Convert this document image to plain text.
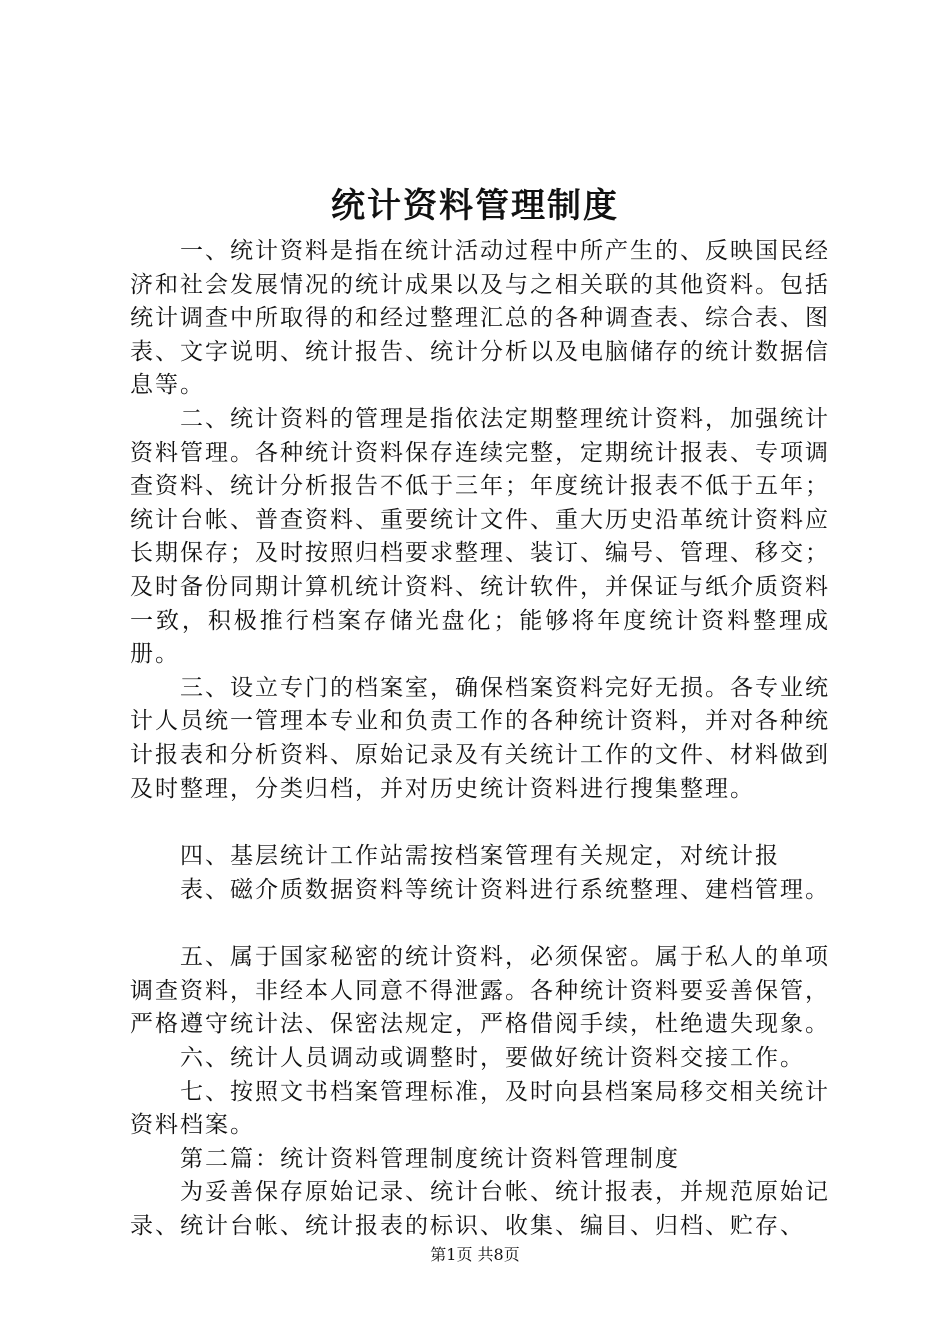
统计资料管理制度

一、统计资料是指在统计活动过程中所产生的、反映国民经济和社会发展情况的统计成果以及与之相关联的其他资料。包括统计调查中所取得的和经过整理汇总的各种调查表、综合表、图表、文字说明、统计报告、统计分析以及电脑储存的统计数据信息等。

二、统计资料的管理是指依法定期整理统计资料，加强统计资料管理。各种统计资料保存连续完整，定期统计报表、专项调查资料、统计分析报告不低于三年；年度统计报表不低于五年；统计台帐、普查资料、重要统计文件、重大历史沿革统计资料应长期保存；及时按照归档要求整理、装订、编号、管理、移交；及时备份同期计算机统计资料、统计软件，并保证与纸介质资料一致，积极推行档案存储光盘化；能够将年度统计资料整理成册。

三、设立专门的档案室，确保档案资料完好无损。各专业统计人员统一管理本专业和负责工作的各种统计资料，并对各种统计报表和分析资料、原始记录及有关统计工作的文件、材料做到及时整理，分类归档，并对历史统计资料进行搜集整理。

四、基层统计工作站需按档案管理有关规定，对统计报
表、磁介质数据资料等统计资料进行系统整理、建档管理。

五、属于国家秘密的统计资料，必须保密。属于私人的单项调查资料，非经本人同意不得泄露。各种统计资料要妥善保管，严格遵守统计法、保密法规定，严格借阅手续，杜绝遗失现象。

六、统计人员调动或调整时，要做好统计资料交接工作。

七、按照文书档案管理标准，及时向县档案局移交相关统计资料档案。

第二篇：统计资料管理制度统计资料管理制度

为妥善保存原始记录、统计台帐、统计报表，并规范原始记录、统计台帐、统计报表的标识、收集、编目、归档、贮存、

第1页 共8页
